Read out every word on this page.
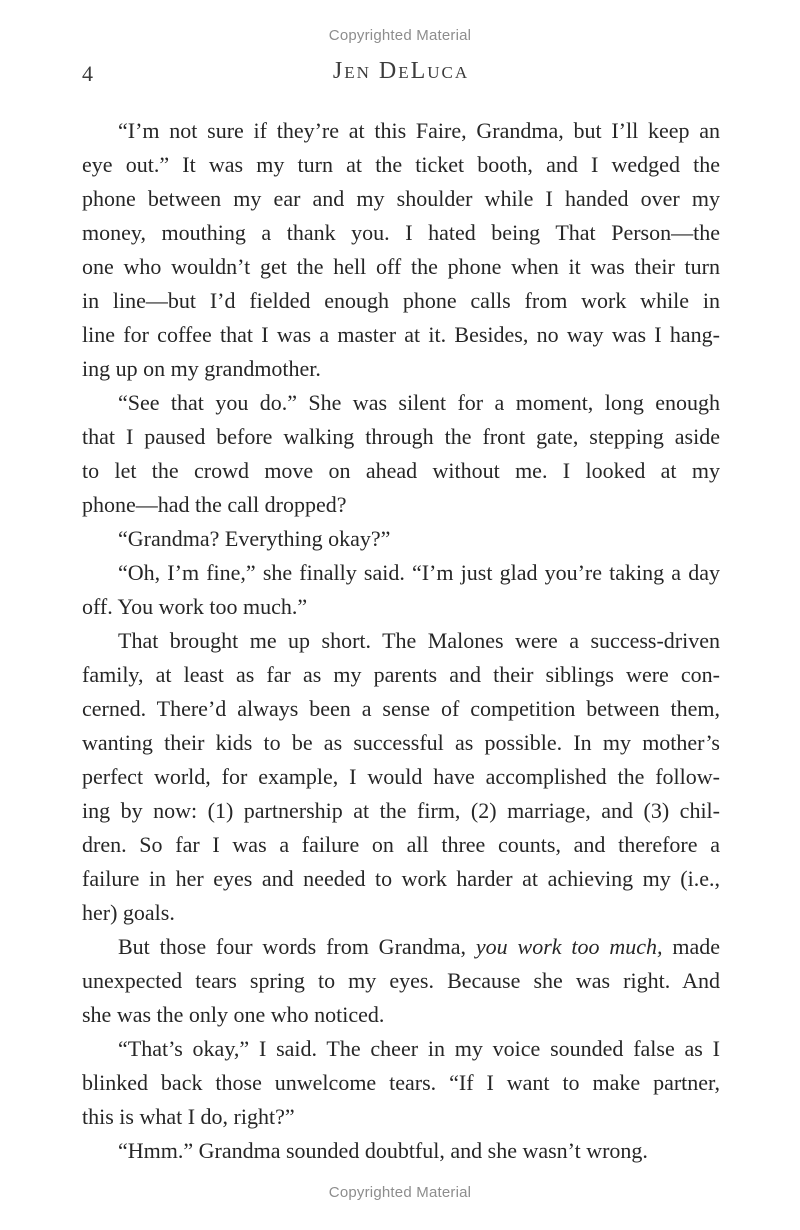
Copyrighted Material
4	Jen DeLuca
“I’m not sure if they’re at this Faire, Grandma, but I’ll keep an
eye out.” It was my turn at the ticket booth, and I wedged the
phone between my ear and my shoulder while I handed over my
money, mouthing a thank you. I hated being That Person—the
one who wouldn’t get the hell off the phone when it was their turn
in line—but I’d fielded enough phone calls from work while in
line for coffee that I was a master at it. Besides, no way was I hang-
ing up on my grandmother.
“See that you do.” She was silent for a moment, long enough
that I paused before walking through the front gate, stepping aside
to let the crowd move on ahead without me. I looked at my
phone—had the call dropped?
“Grandma? Everything okay?”
“Oh, I’m fine,” she finally said. “I’m just glad you’re taking a day
off. You work too much.”
That brought me up short. The Malones were a success-driven
family, at least as far as my parents and their siblings were con-
cerned. There’d always been a sense of competition between them,
wanting their kids to be as successful as possible. In my mother’s
perfect world, for example, I would have accomplished the follow-
ing by now: (1) partnership at the firm, (2) marriage, and (3) chil-
dren. So far I was a failure on all three counts, and therefore a
failure in her eyes and needed to work harder at achieving my (i.e.,
her) goals.
But those four words from Grandma, you work too much, made
unexpected tears spring to my eyes. Because she was right. And
she was the only one who noticed.
“That’s okay,” I said. The cheer in my voice sounded false as I
blinked back those unwelcome tears. “If I want to make partner,
this is what I do, right?”
“Hmm.” Grandma sounded doubtful, and she wasn’t wrong.
Copyrighted Material
